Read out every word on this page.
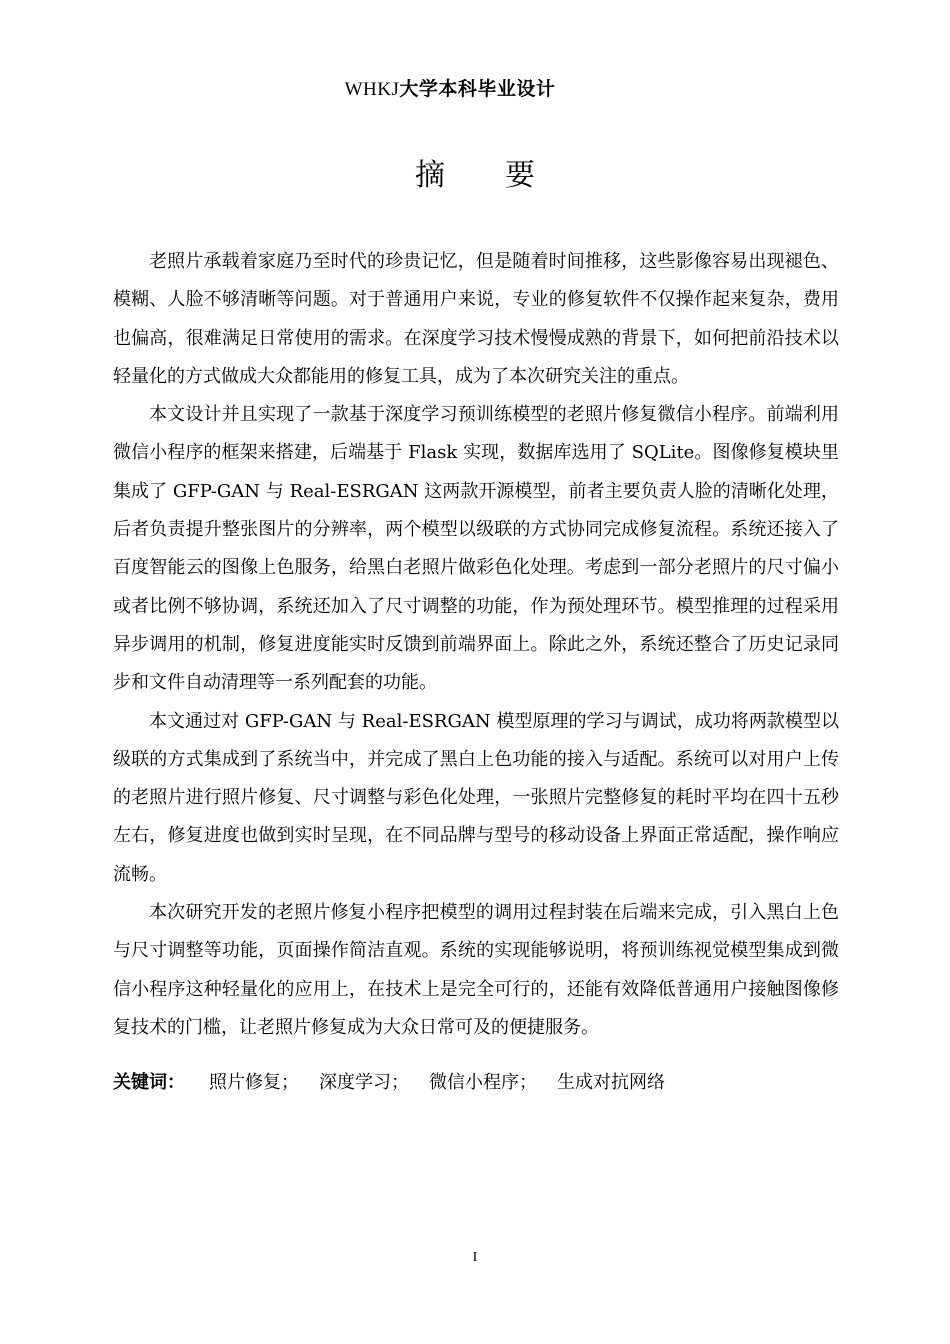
WHKJ大学本科毕业设计
摘要

老照片承载着家庭乃至时代的珍贵记忆，但是随着时间推移，这些影像容易出现褪色、模糊、人脸不够清晰等问题。对于普通用户来说，专业的修复软件不仅操作起来复杂，费用也偏高，很难满足日常使用的需求。在深度学习技术慢慢成熟的背景下，如何把前沿技术以轻量化的方式做成大众都能用的修复工具，成为了本次研究关注的重点。

本文设计并且实现了一款基于深度学习预训练模型的老照片修复微信小程序。前端利用微信小程序的框架来搭建，后端基于 Flask 实现，数据库选用了 SQLite。图像修复模块里集成了 GFP-GAN 与 Real-ESRGAN 这两款开源模型，前者主要负责人脸的清晰化处理，后者负责提升整张图片的分辨率，两个模型以级联的方式协同完成修复流程。系统还接入了百度智能云的图像上色服务，给黑白老照片做彩色化处理。考虑到一部分老照片的尺寸偏小或者比例不够协调，系统还加入了尺寸调整的功能，作为预处理环节。模型推理的过程采用异步调用的机制，修复进度能实时反馈到前端界面上。除此之外，系统还整合了历史记录同步和文件自动清理等一系列配套的功能。

本文通过对 GFP-GAN 与 Real-ESRGAN 模型原理的学习与调试，成功将两款模型以级联的方式集成到了系统当中，并完成了黑白上色功能的接入与适配。系统可以对用户上传的老照片进行照片修复、尺寸调整与彩色化处理，一张照片完整修复的耗时平均在四十五秒左右，修复进度也做到实时呈现，在不同品牌与型号的移动设备上界面正常适配，操作响应流畅。

本次研究开发的老照片修复小程序把模型的调用过程封装在后端来完成，引入黑白上色与尺寸调整等功能，页面操作简洁直观。系统的实现能够说明，将预训练视觉模型集成到微信小程序这种轻量化的应用上，在技术上是完全可行的，还能有效降低普通用户接触图像修复技术的门槛，让老照片修复成为大众日常可及的便捷服务。

关键词： 照片修复； 深度学习； 微信小程序； 生成对抗网络
I
